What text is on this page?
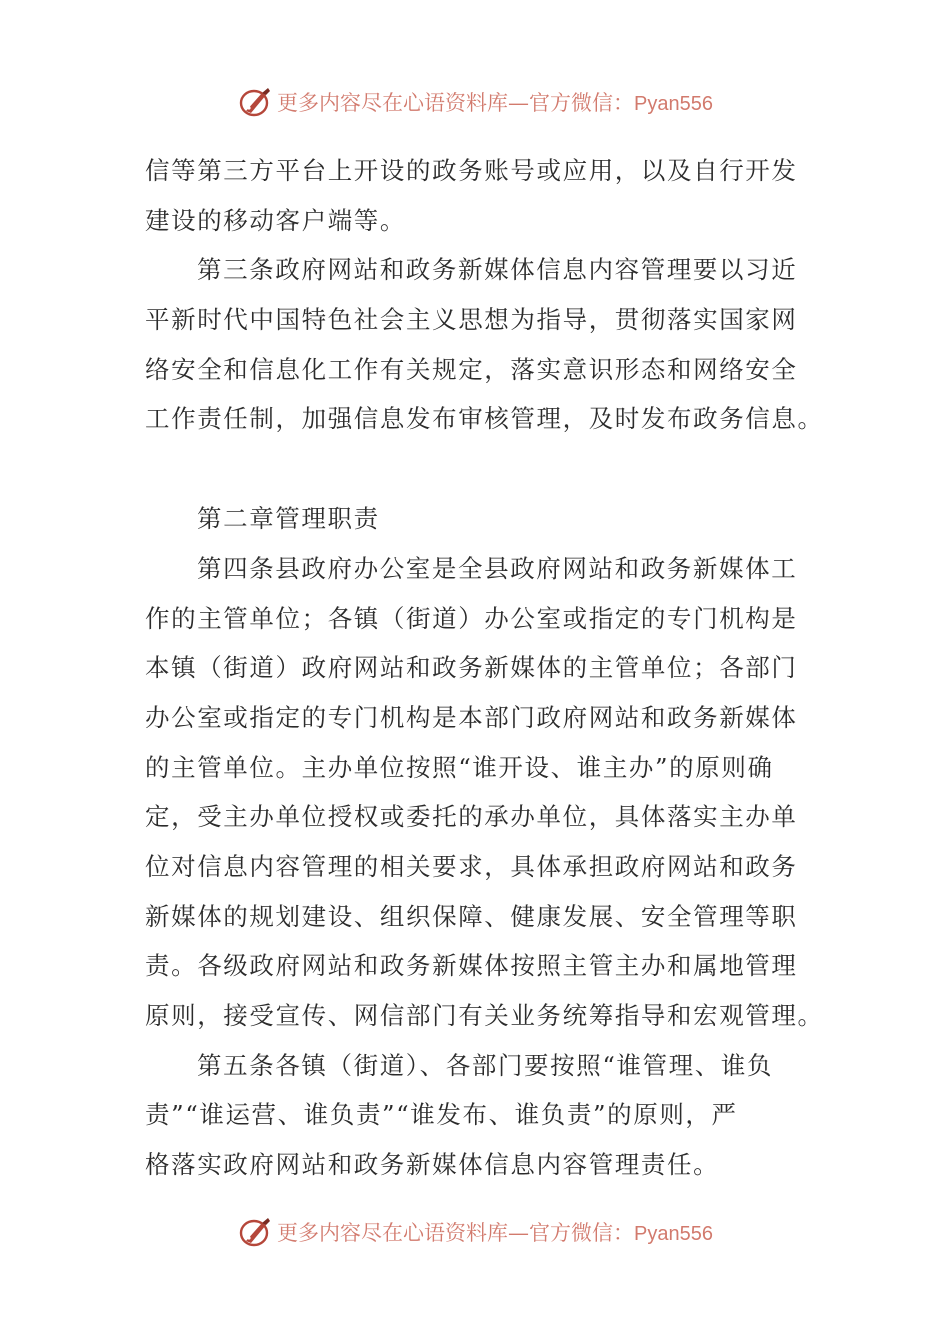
更多内容尽在心语资料库—官方微信：Pyan556
信等第三方平台上开设的政务账号或应用，以及自行开发
建设的移动客户端等。
第三条政府网站和政务新媒体信息内容管理要以习近
平新时代中国特色社会主义思想为指导，贯彻落实国家网
络安全和信息化工作有关规定，落实意识形态和网络安全
工作责任制，加强信息发布审核管理，及时发布政务信息。
第二章管理职责
第四条县政府办公室是全县政府网站和政务新媒体工
作的主管单位；各镇（街道）办公室或指定的专门机构是
本镇（街道）政府网站和政务新媒体的主管单位；各部门
办公室或指定的专门机构是本部门政府网站和政务新媒体
的主管单位。主办单位按照“谁开设、谁主办”的原则确
定，受主办单位授权或委托的承办单位，具体落实主办单
位对信息内容管理的相关要求，具体承担政府网站和政务
新媒体的规划建设、组织保障、健康发展、安全管理等职
责。各级政府网站和政务新媒体按照主管主办和属地管理
原则，接受宣传、网信部门有关业务统筹指导和宏观管理。
第五条各镇（街道）、各部门要按照“谁管理、谁负
责”“谁运营、谁负责”“谁发布、谁负责”的原则，严
格落实政府网站和政务新媒体信息内容管理责任。
更多内容尽在心语资料库—官方微信：Pyan556
